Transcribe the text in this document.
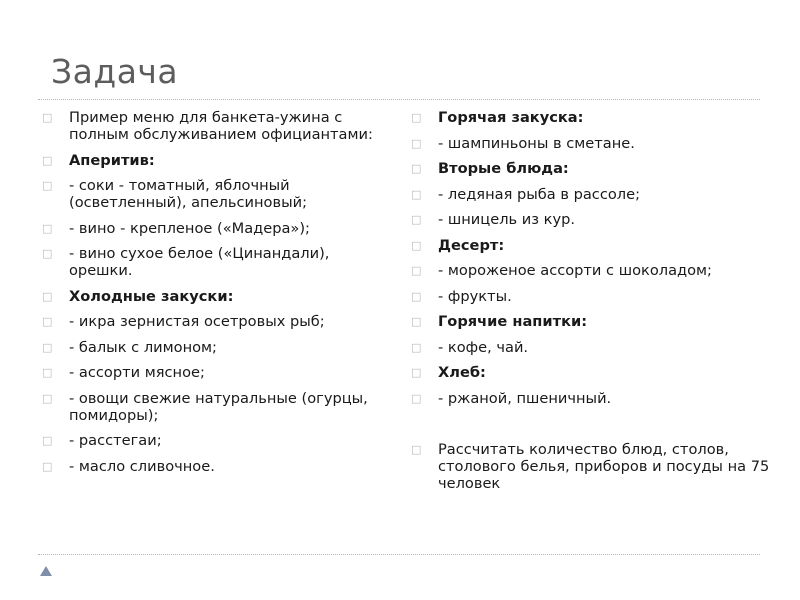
Задача
□ Пример меню для банкета-ужина с полным обслуживанием официантами:
□ Аперитив:
□ - соки - томатный, яблочный (осветленный), апельсиновый;
□ - вино - крепленое («Мадера»);
□ - вино сухое белое («Цинандали), орешки.
□ Холодные закуски:
□ - икра зернистая осетровых рыб;
□ - балык с лимоном;
□ - ассорти мясное;
□ - овощи свежие натуральные (огурцы, помидоры);
□ - расстегаи;
□ - масло сливочное.
□ Горячая закуска:
□ - шампиньоны в сметане.
□ Вторые блюда:
□ - ледяная рыба в рассоле;
□ - шницель из кур.
□ Десерт:
□ - мороженое ассорти с шоколадом;
□ - фрукты.
□ Горячие напитки:
□ - кофе, чай.
□ Хлеб:
□ - ржаной, пшеничный.
□ Рассчитать количество блюд, столов, столового белья, приборов и посуды на 75 человек
